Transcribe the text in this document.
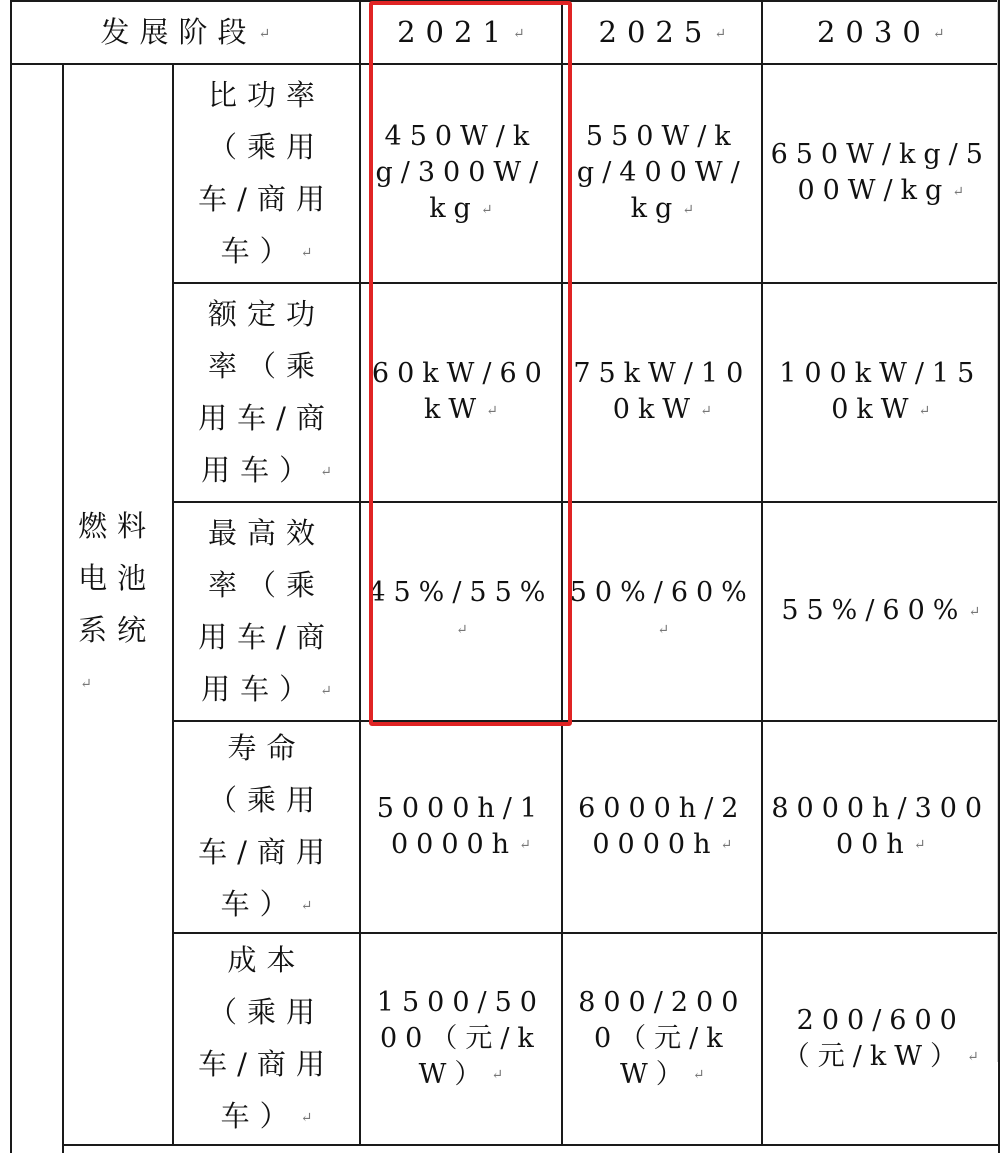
发展阶段 ↵			2021 ↵	2025 ↵	2030 ↵
	燃料电池系统↵	比功率（乘用车/商用车） ↵	450W/kg/300W/kg ↵	550W/kg/400W/kg ↵	650W/kg/500W/kg ↵
		额定功率（乘用车/商用车） ↵	60kW/60kW ↵	75kW/100kW ↵	100kW/150kW ↵
		最高效率（乘用车/商用车） ↵	45%/55%↵	50%/60%↵	55%/60% ↵
		寿命（乘用车/商用车） ↵	5000h/10000h ↵	6000h/20000h ↵	8000h/30000h ↵
		成本（乘用车/商用车） ↵	1500/5000（元/kW） ↵	800/2000（元/kW） ↵	200/600（元/kW） ↵
